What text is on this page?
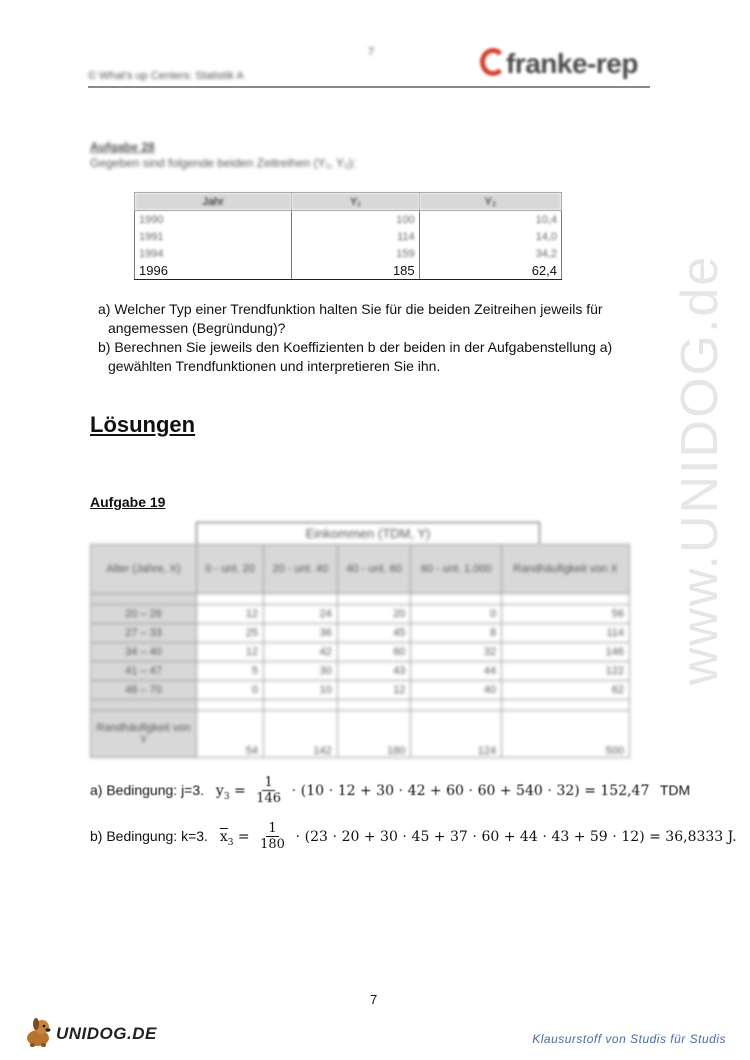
7
© What's up Centers: Statistik A	franke-rep
www.UNIDOG.de
Aufgabe 28
Gegeben sind folgende beiden Zeitreihen (Y₁, Y₂):
Jahr	Y₁	Y₂
1990	100	10,4
1991	114	14,0
1994	159	34,2
1996	185	62,4
a) Welcher Typ einer Trendfunktion halten Sie für die beiden Zeitreihen jeweils für
angemessen (Begründung)?
b) Berechnen Sie jeweils den Koeffizienten b der beiden in der Aufgabenstellung a)
gewählten Trendfunktionen und interpretieren Sie ihn.
Lösungen
Aufgabe 19
Einkommen (TDM, Y)
Alter (Jahre, X)	0 - unt. 20	20 - unt. 40	40 - unt. 60	60 - unt. 1.000	Randhäufigkeit von X

20 – 26	12	24	20	0	56
27 – 33	25	36	45	8	114
34 – 40	12	42	60	32	146
41 – 47	5	30	43	44	122
48 – 70	0	10	12	40	62

Randhäufigkeit von Y	54	142	180	124	500
a) Bedingung: j=3. $y_3 = \frac{1}{146} \cdot (10 \cdot 12 + 30 \cdot 42 + 60 \cdot 60 + 540 \cdot 32) = 152,47$ TDM
b) Bedingung: k=3. $\overline{x}_3 = \frac{1}{180} \cdot (23 \cdot 20 + 30 \cdot 45 + 37 \cdot 60 + 44 \cdot 43 + 59 \cdot 12) = 36,8333$ J.
7
UNIDOG.DE	Klausurstoff von Studis für Studis
